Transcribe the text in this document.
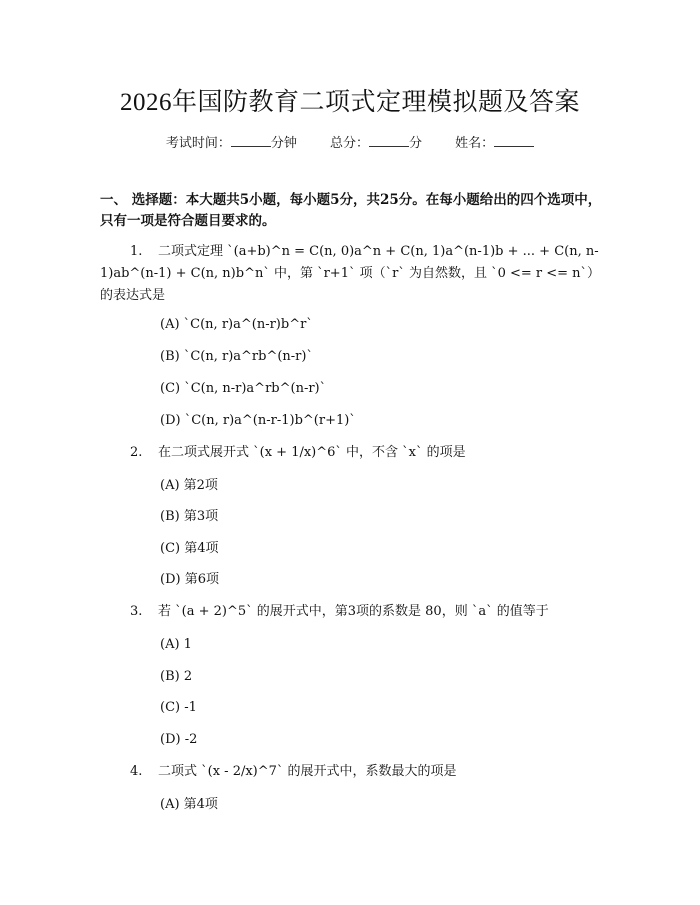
2026年国防教育二项式定理模拟题及答案
考试时间：	分钟	总分：	分	姓名：
一、 选择题：本大题共5小题，每小题5分，共25分。在每小题给出的四个选项中，只有一项是符合题目要求的。
1. 二项式定理 `(a+b)^n = C(n, 0)a^n + C(n, 1)a^(n-1)b + ... + C(n, n-1)ab^(n-1) + C(n, n)b^n` 中，第 `r+1` 项（`r` 为自然数，且 `0 <= r <= n`）的表达式是
(A) `C(n, r)a^(n-r)b^r`
(B) `C(n, r)a^rb^(n-r)`
(C) `C(n, n-r)a^rb^(n-r)`
(D) `C(n, r)a^(n-r-1)b^(r+1)`
2. 在二项式展开式 `(x + 1/x)^6` 中，不含 `x` 的项是
(A) 第2项
(B) 第3项
(C) 第4项
(D) 第6项
3. 若 `(a + 2)^5` 的展开式中，第3项的系数是 80，则 `a` 的值等于
(A) 1
(B) 2
(C) -1
(D) -2
4. 二项式 `(x - 2/x)^7` 的展开式中，系数最大的项是
(A) 第4项
